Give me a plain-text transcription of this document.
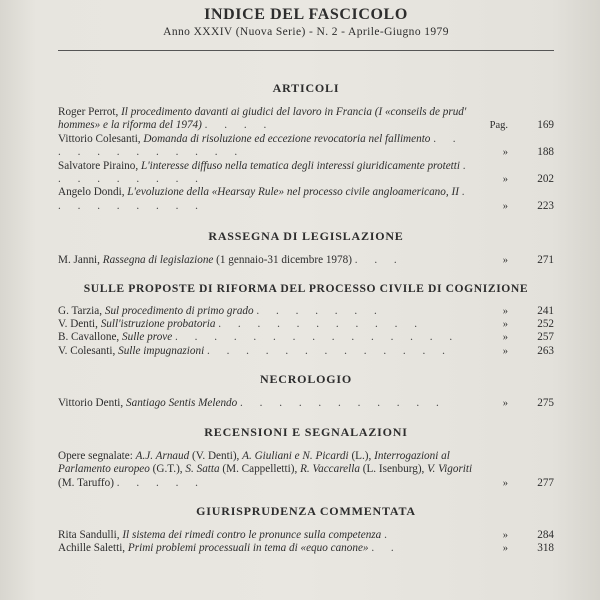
INDICE DEL FASCICOLO

Anno XXXIV (Nuova Serie) - N. 2 - Aprile-Giugno 1979

ARTICOLI
Roger Perrot, Il procedimento davanti ai giudici del lavoro in Francia (I «conseils de prud' hommes» e la riforma del 1974) . . . .	Pag.	169
Vittorio Colesanti, Domanda di risoluzione ed eccezione revocatoria nel fallimento . . . . . . . . . . . .	»	188
Salvatore Piraino, L'interesse diffuso nella tematica degli interessi giuridicamente protetti . . . . . . . . .	»	202
Angelo Dondi, L'evoluzione della «Hearsay Rule» nel processo civile angloamericano, II . . . . . . . . .	»	223
RASSEGNA DI LEGISLAZIONE
M. Janni, Rassegna di legislazione (1 gennaio-31 dicembre 1978) . . .	»	271
SULLE PROPOSTE DI RIFORMA DEL PROCESSO CIVILE DI COGNIZIONE
G. Tarzia, Sul procedimento di primo grado . . . . . . .	»	241
V. Denti, Sull'istruzione probatoria . . . . . . . . . . .	»	252
B. Cavallone, Sulle prove . . . . . . . . . . . . . . .	»	257
V. Colesanti, Sulle impugnazioni . . . . . . . . . . . . .	»	263
NECROLOGIO
Vittorio Denti, Santiago Sentis Melendo . . . . . . . . . . .	»	275
RECENSIONI E SEGNALAZIONI
Opere segnalate: A.J. Arnaud (V. Denti), A. Giuliani e N. Picardi (L.), Interrogazioni al Parlamento europeo (G.T.), S. Satta (M. Cappelletti), R. Vaccarella (L. Isenburg), V. Vigoriti (M. Taruffo) . . . . .	»	277
GIURISPRUDENZA COMMENTATA
Rita Sandulli, Il sistema dei rimedi contro le pronunce sulla competenza .	»	284
Achille Saletti, Primi problemi processuali in tema di «equo canone» . .	»	318
